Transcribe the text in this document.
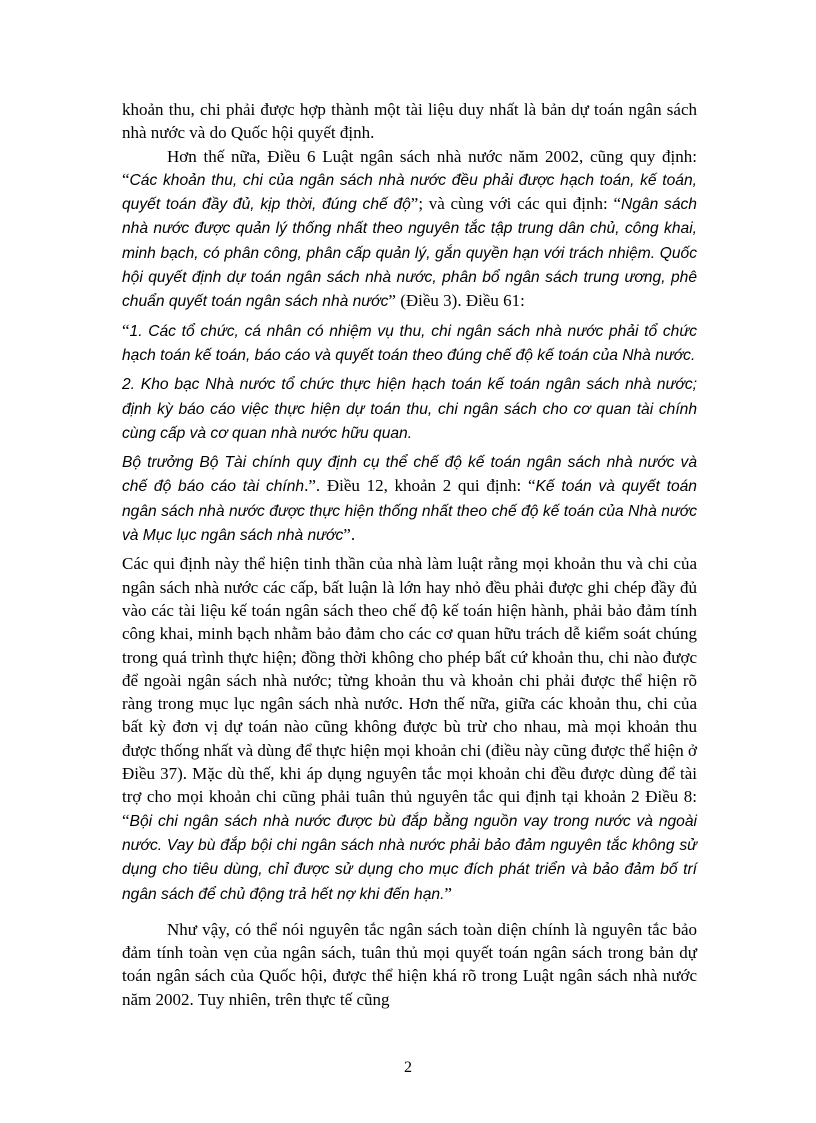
khoản thu, chi phải được hợp thành một tài liệu duy nhất là bản dự toán ngân sách nhà nước và do Quốc hội quyết định.

Hơn thế nữa, Điều 6 Luật ngân sách nhà nước năm 2002, cũng quy định: “Các khoản thu, chi của ngân sách nhà nước đều phải được hạch toán, kế toán, quyết toán đầy đủ, kịp thời, đúng chế độ”; và cùng với các qui định: “Ngân sách nhà nước được quản lý thống nhất theo nguyên tắc tập trung dân chủ, công khai, minh bạch, có phân công, phân cấp quản lý, gắn quyền hạn với trách nhiệm. Quốc hội quyết định dự toán ngân sách nhà nước, phân bổ ngân sách trung ương, phê chuẩn quyết toán ngân sách nhà nước” (Điều 3). Điều 61:

“1. Các tổ chức, cá nhân có nhiệm vụ thu, chi ngân sách nhà nước phải tổ chức hạch toán kế toán, báo cáo và quyết toán theo đúng chế độ kế toán của Nhà nước.

2. Kho bạc Nhà nước tổ chức thực hiện hạch toán kế toán ngân sách nhà nước; định kỳ báo cáo việc thực hiện dự toán thu, chi ngân sách cho cơ quan tài chính cùng cấp và cơ quan nhà nước hữu quan.

Bộ trưởng Bộ Tài chính quy định cụ thể chế độ kế toán ngân sách nhà nước và chế độ báo cáo tài chính.”. Điều 12, khoản 2 qui định: “Kế toán và quyết toán ngân sách nhà nước được thực hiện thống nhất theo chế độ kế toán của Nhà nước và Mục lục ngân sách nhà nước”.

Các qui định này thể hiện tinh thần của nhà làm luật rằng mọi khoản thu và chi của ngân sách nhà nước các cấp, bất luận là lớn hay nhỏ đều phải được ghi chép đầy đủ vào các tài liệu kế toán ngân sách theo chế độ kế toán hiện hành, phải bảo đảm tính công khai, minh bạch nhằm bảo đảm cho các cơ quan hữu trách dễ kiểm soát chúng trong quá trình thực hiện; đồng thời không cho phép bất cứ khoản thu, chi nào được để ngoài ngân sách nhà nước; từng khoản thu và khoản chi phải được thể hiện rõ ràng trong mục lục ngân sách nhà nước. Hơn thế nữa, giữa các khoản thu, chi của bất kỳ đơn vị dự toán nào cũng không được bù trừ cho nhau, mà mọi khoản thu được thống nhất và dùng để thực hiện mọi khoản chi (điều này cũng được thể hiện ở Điều 37). Mặc dù thế, khi áp dụng nguyên tắc mọi khoản chi đều được dùng để tài trợ cho mọi khoản chi cũng phải tuân thủ nguyên tắc qui định tại khoản 2 Điều 8: “Bội chi ngân sách nhà nước được bù đắp bằng nguồn vay trong nước và ngoài nước. Vay bù đắp bội chi ngân sách nhà nước phải bảo đảm nguyên tắc không sử dụng cho tiêu dùng, chỉ được sử dụng cho mục đích phát triển và bảo đảm bố trí ngân sách để chủ động trả hết nợ khi đến hạn.”

Như vậy, có thể nói nguyên tắc ngân sách toàn diện chính là nguyên tắc bảo đảm tính toàn vẹn của ngân sách, tuân thủ mọi quyết toán ngân sách trong bản dự toán ngân sách của Quốc hội, được thể hiện khá rõ trong Luật ngân sách nhà nước năm 2002. Tuy nhiên, trên thực tế cũng

2
